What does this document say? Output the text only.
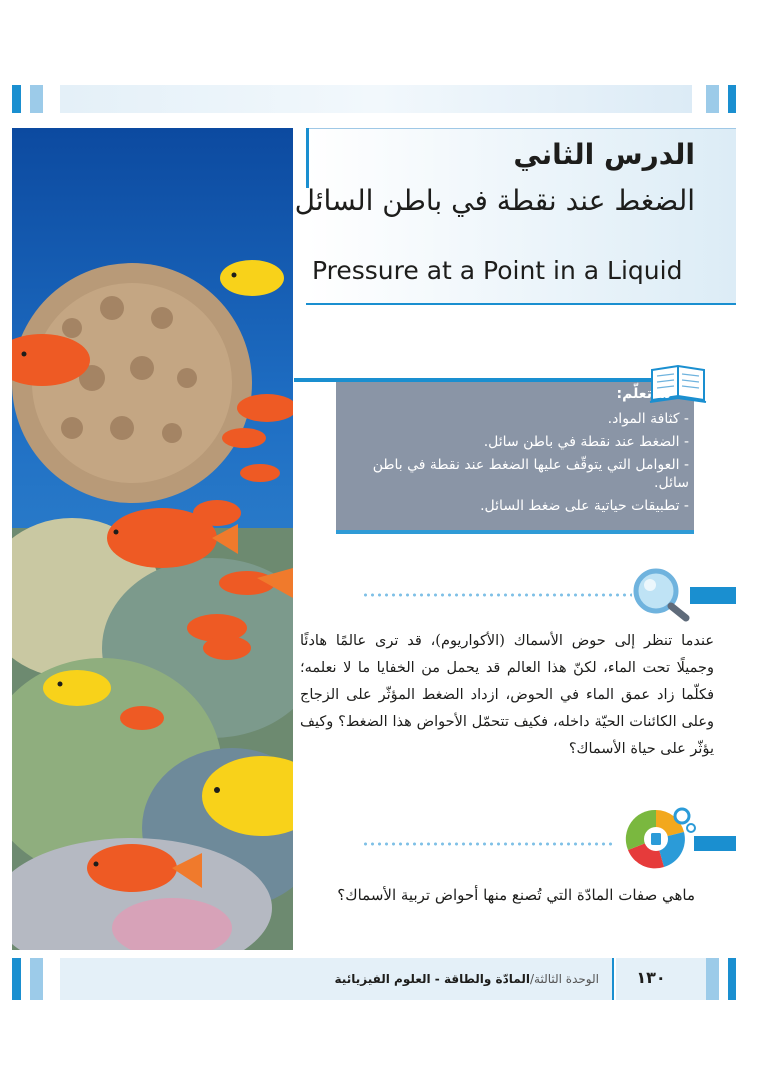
الدرس الثاني
الضغط عند نقطة في باطن السائل
Pressure at a Point in a Liquid
سأتعلّم:
- كثافة المواد.
- الضغط عند نقطة في باطن سائل.
- العوامل التي يتوقّف عليها الضغط عند نقطة في باطن سائل.
- تطبيقات حياتية على ضغط السائل.
عندما تنظر إلى حوض الأسماك (الأكواريوم)، قد ترى عالمًا هادئًا وجميلًا تحت الماء، لكنّ هذا العالم قد يحمل من الخفايا ما لا نعلمه؛ فكلّما زاد عمق الماء في الحوض، ازداد الضغط المؤثّر على الزجاج وعلى الكائنات الحيّة داخله، فكيف تتحمّل الأحواض هذا الضغط؟ وكيف يؤثّر على حياة الأسماك؟
ماهي صفات المادّة التي تُصنع منها أحواض تربية الأسماك؟
الوحدة الثالثة/المادّة والطاقة - العلوم الفيزيائية	١٣٠
